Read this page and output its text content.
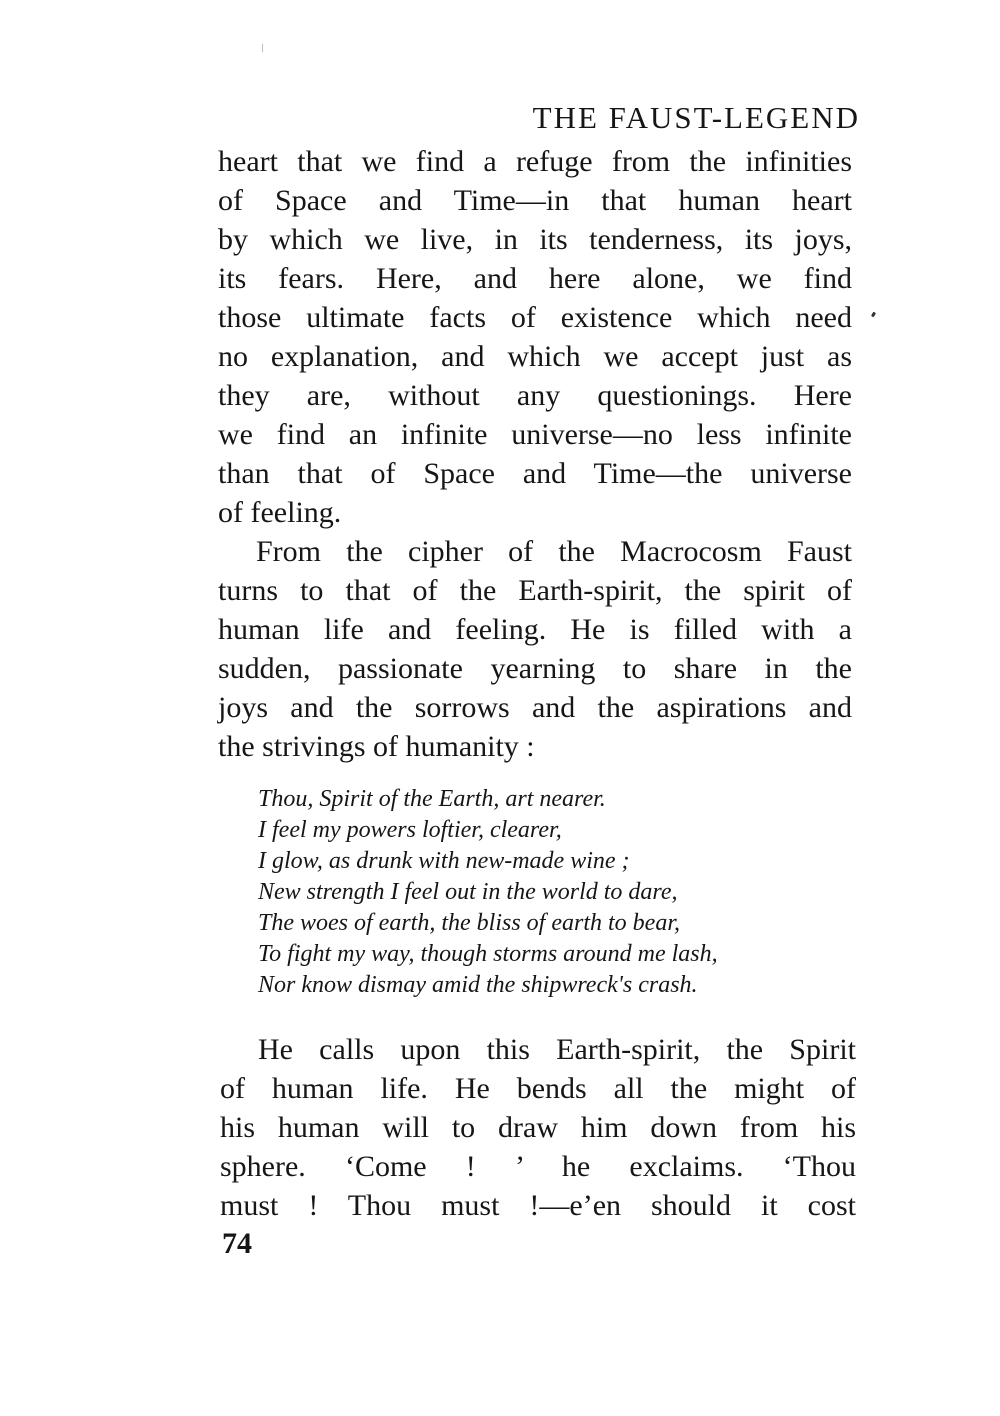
THE FAUST-LEGEND
heart that we find a refuge from the infinities
of Space and Time—in that human heart
by which we live, in its tenderness, its joys,
its fears. Here, and here alone, we find
those ultimate facts of existence which need
no explanation, and which we accept just as
they are, without any questionings. Here
we find an infinite universe—no less infinite
than that of Space and Time—the universe
of feeling.
From the cipher of the Macrocosm Faust
turns to that of the Earth-spirit, the spirit of
human life and feeling. He is filled with a
sudden, passionate yearning to share in the
joys and the sorrows and the aspirations and
the strivings of humanity :
Thou, Spirit of the Earth, art nearer.
I feel my powers loftier, clearer,
I glow, as drunk with new-made wine ;
New strength I feel out in the world to dare,
The woes of earth, the bliss of earth to bear,
To fight my way, though storms around me lash,
Nor know dismay amid the shipwreck's crash.
He calls upon this Earth-spirit, the Spirit
of human life. He bends all the might of
his human will to draw him down from his
sphere. ‘Come ! ’ he exclaims. ‘Thou
must ! Thou must !—e’en should it cost
74
